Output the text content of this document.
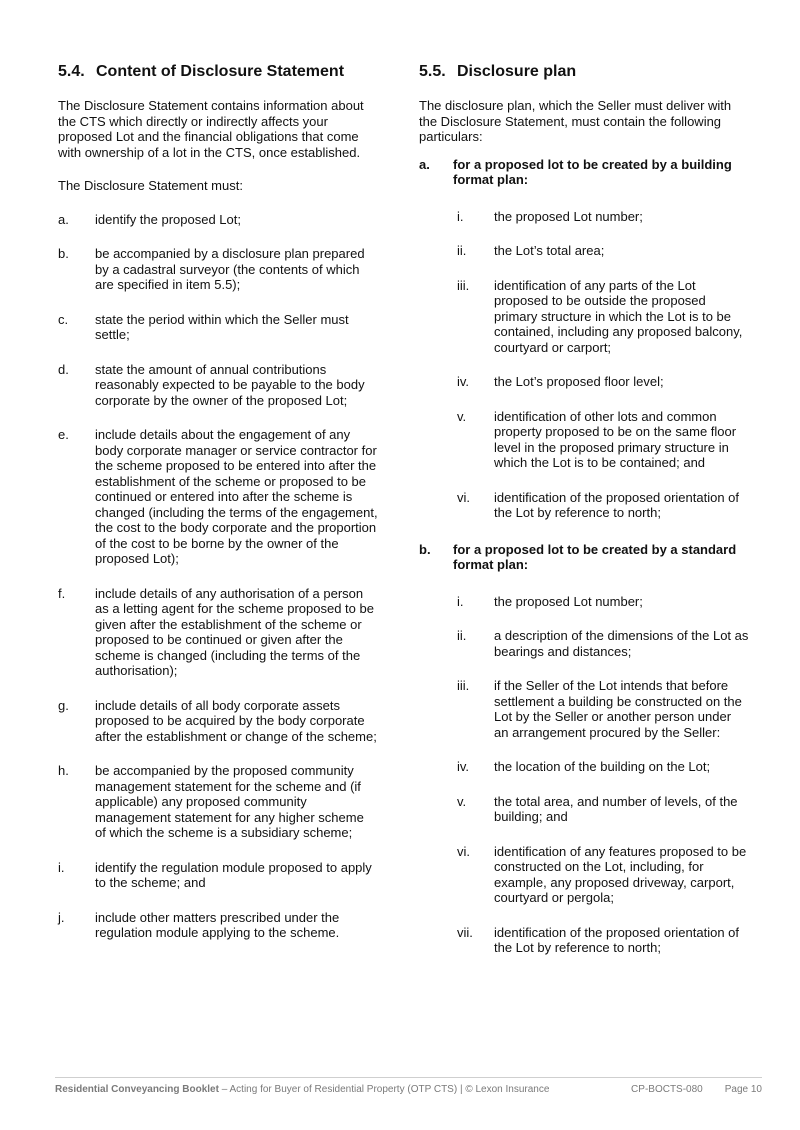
5.4. Content of Disclosure Statement

The Disclosure Statement contains information about the CTS which directly or indirectly affects your proposed Lot and the financial obligations that come with ownership of a lot in the CTS, once established.

The Disclosure Statement must:

a.	identify the proposed Lot;
b.	be accompanied by a disclosure plan prepared by a cadastral surveyor (the contents of which are specified in item 5.5);
c.	state the period within which the Seller must settle;
d.	state the amount of annual contributions reasonably expected to be payable to the body corporate by the owner of the proposed Lot;
e.	include details about the engagement of any body corporate manager or service contractor for the scheme proposed to be entered into after the establishment of the scheme or proposed to be continued or entered into after the scheme is changed (including the terms of the engagement, the cost to the body corporate and the proportion of the cost to be borne by the owner of the proposed Lot);
f.	include details of any authorisation of a person as a letting agent for the scheme proposed to be given after the establishment of the scheme or proposed to be continued or given after the scheme is changed (including the terms of the authorisation);
g.	include details of all body corporate assets proposed to be acquired by the body corporate after the establishment or change of the scheme;
h.	be accompanied by the proposed community management statement for the scheme and (if applicable) any proposed community management statement for any higher scheme of which the scheme is a subsidiary scheme;
i.	identify the regulation module proposed to apply to the scheme; and
j.	include other matters prescribed under the regulation module applying to the scheme.
5.5. Disclosure plan

The disclosure plan, which the Seller must deliver with the Disclosure Statement, must contain the following particulars:

a.	for a proposed lot to be created by a building format plan:
i.	the proposed Lot number;
ii.	the Lot’s total area;
iii.	identification of any parts of the Lot proposed to be outside the proposed primary structure in which the Lot is to be contained, including any proposed balcony, courtyard or carport;
iv.	the Lot’s proposed floor level;
v.	identification of other lots and common property proposed to be on the same floor level in the proposed primary structure in which the Lot is to be contained; and
vi.	identification of the proposed orientation of the Lot by reference to north;
b.	for a proposed lot to be created by a standard format plan:
i.	the proposed Lot number;
ii.	a description of the dimensions of the Lot as bearings and distances;
iii.	if the Seller of the Lot intends that before settlement a building be constructed on the Lot by the Seller or another person under an arrangement procured by the Seller:
iv.	the location of the building on the Lot;
v.	the total area, and number of levels, of the building; and
vi.	identification of any features proposed to be constructed on the Lot, including, for example, any proposed driveway, carport, courtyard or pergola;
vii.	identification of the proposed orientation of the Lot by reference to north;
Residential Conveyancing Booklet – Acting for Buyer of Residential Property (OTP CTS) | © Lexon Insurance	CP-BOCTS-080 Page 10
